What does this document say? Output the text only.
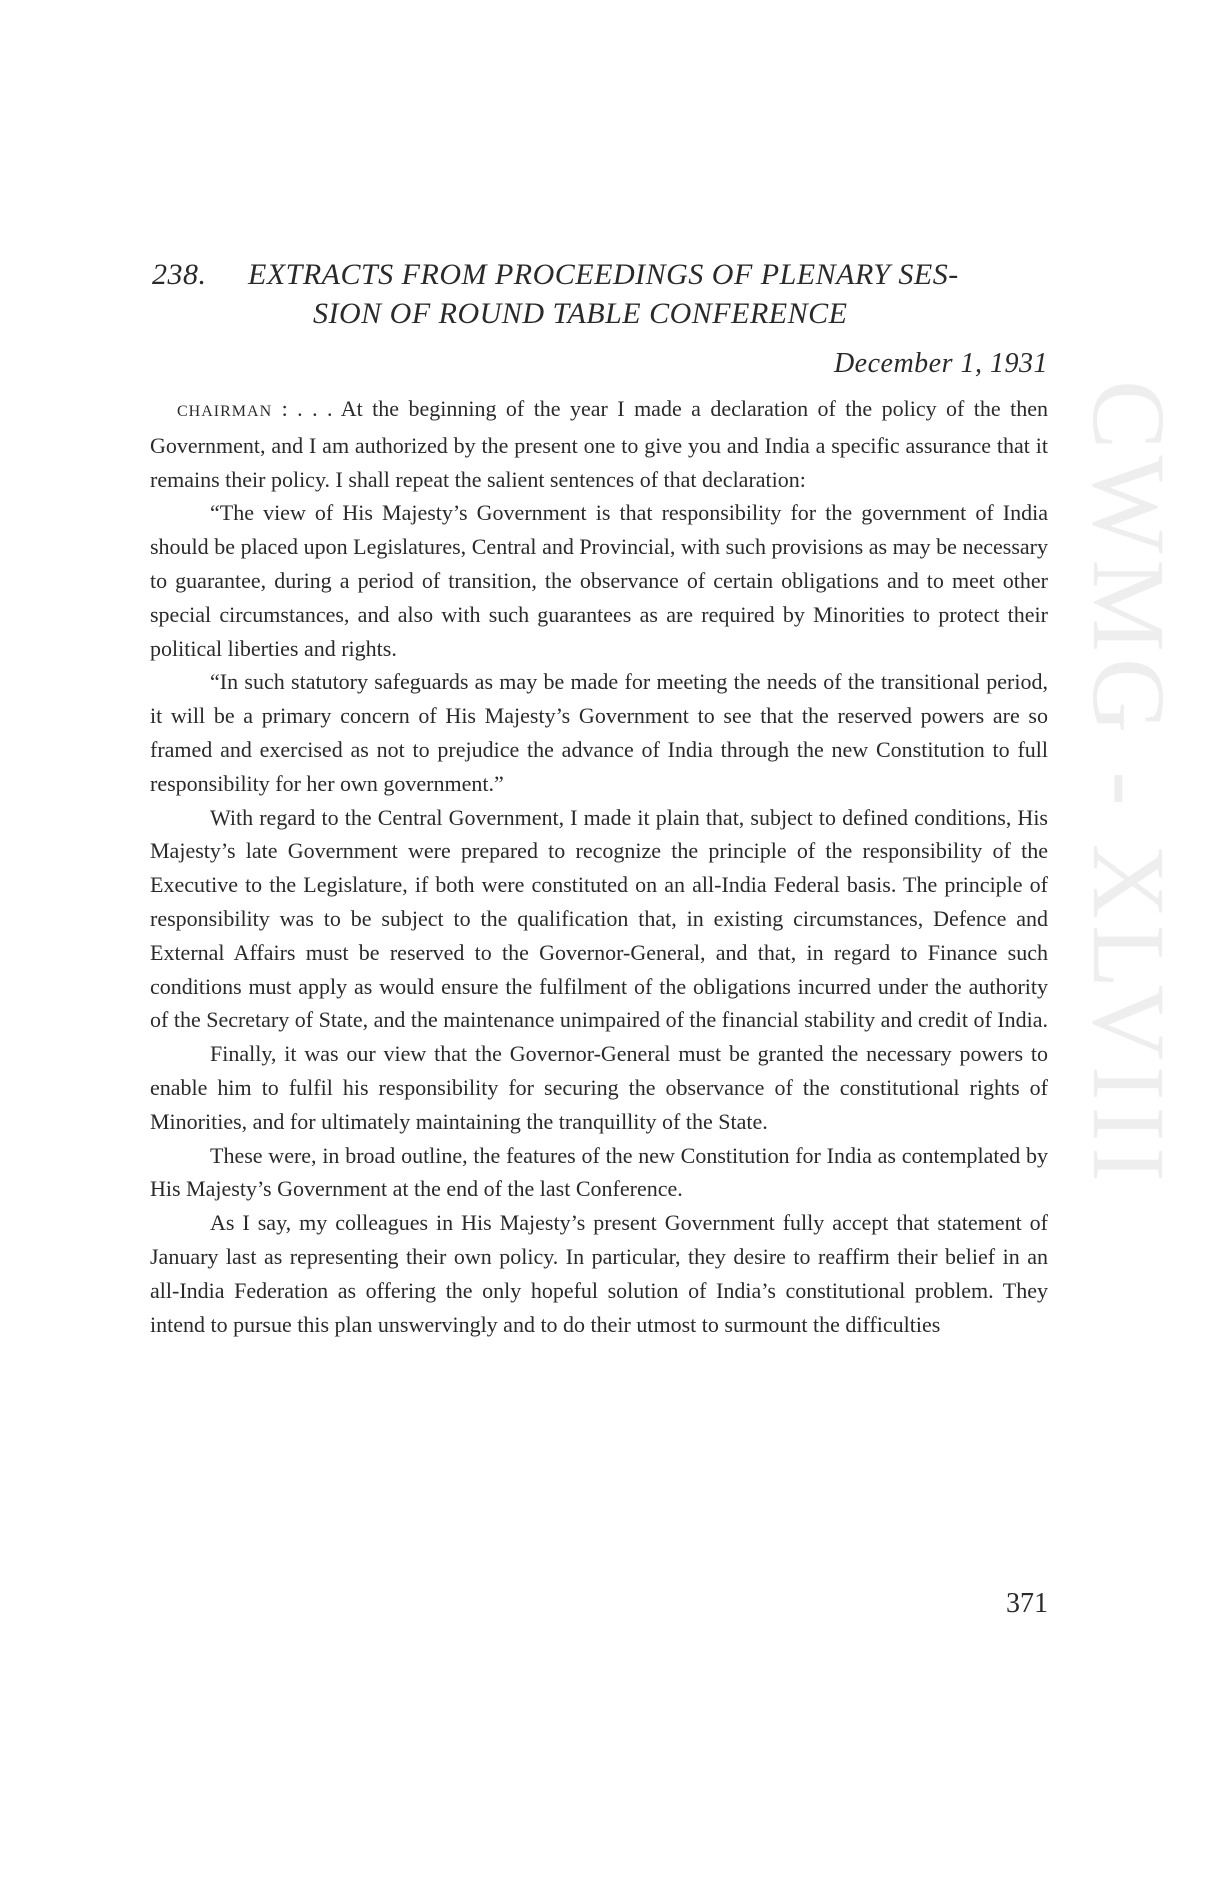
CWMG - XLVIII
238. EXTRACTS FROM PROCEEDINGS OF PLENARY SES-
SION OF ROUND TABLE CONFERENCE
December 1, 1931

CHAIRMAN : . . . At the beginning of the year I made a declaration of the policy of the then Government, and I am authorized by the present one to give you and India a specific assurance that it remains their policy. I shall repeat the salient sentences of that declaration:

“The view of His Majesty’s Government is that responsibility for the government of India should be placed upon Legislatures, Central and Provincial, with such provisions as may be necessary to guarantee, during a period of transition, the observance of certain obligations and to meet other special circumstances, and also with such guarantees as are required by Minorities to protect their political liberties and rights.

“In such statutory safeguards as may be made for meeting the needs of the transitional period, it will be a primary concern of His Majesty’s Government to see that the reserved powers are so framed and exercised as not to prejudice the advance of India through the new Constitution to full responsibility for her own government.”

With regard to the Central Government, I made it plain that, subject to defined conditions, His Majesty’s late Government were prepared to recognize the principle of the responsibility of the Executive to the Legislature, if both were constituted on an all-India Federal basis. The principle of responsibility was to be subject to the qualification that, in existing circumstances, Defence and External Affairs must be reserved to the Governor-General, and that, in regard to Finance such conditions must apply as would ensure the fulfilment of the obligations incurred under the authority of the Secretary of State, and the maintenance unimpaired of the financial stability and credit of India.

Finally, it was our view that the Governor-General must be granted the necessary powers to enable him to fulfil his responsibility for securing the observance of the constitutional rights of Minorities, and for ultimately maintaining the tranquillity of the State.

These were, in broad outline, the features of the new Constitution for India as contemplated by His Majesty’s Government at the end of the last Conference.

As I say, my colleagues in His Majesty’s present Government fully accept that statement of January last as representing their own policy. In particular, they desire to reaffirm their belief in an all-India Federation as offering the only hopeful solution of India’s constitutional problem. They intend to pursue this plan unswervingly and to do their utmost to surmount the difficulties

371
